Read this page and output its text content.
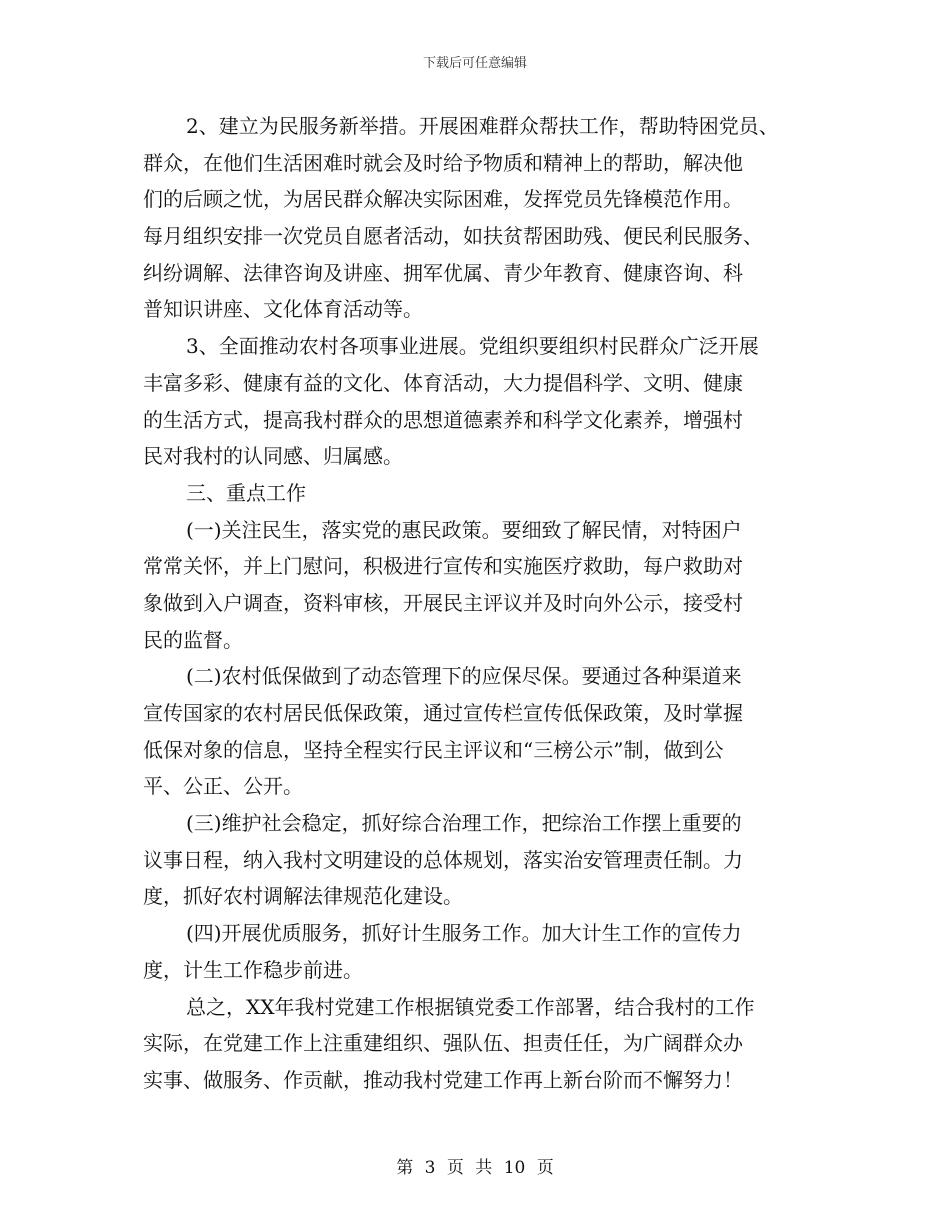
下载后可任意编辑
2、建立为民服务新举措。开展困难群众帮扶工作，帮助特困党员、
群众，在他们生活困难时就会及时给予物质和精神上的帮助，解决他
们的后顾之忧，为居民群众解决实际困难，发挥党员先锋模范作用。
每月组织安排一次党员自愿者活动，如扶贫帮困助残、便民利民服务、
纠纷调解、法律咨询及讲座、拥军优属、青少年教育、健康咨询、科
普知识讲座、文化体育活动等。
3、全面推动农村各项事业进展。党组织要组织村民群众广泛开展
丰富多彩、健康有益的文化、体育活动，大力提倡科学、文明、健康
的生活方式，提高我村群众的思想道德素养和科学文化素养，增强村
民对我村的认同感、归属感。
三、重点工作
(一)关注民生，落实党的惠民政策。要细致了解民情，对特困户
常常关怀，并上门慰问，积极进行宣传和实施医疗救助，每户救助对
象做到入户调查，资料审核，开展民主评议并及时向外公示，接受村
民的监督。
(二)农村低保做到了动态管理下的应保尽保。要通过各种渠道来
宣传国家的农村居民低保政策，通过宣传栏宣传低保政策，及时掌握
低保对象的信息，坚持全程实行民主评议和“三榜公示”制，做到公
平、公正、公开。
(三)维护社会稳定，抓好综合治理工作，把综治工作摆上重要的
议事日程，纳入我村文明建设的总体规划，落实治安管理责任制。力
度，抓好农村调解法律规范化建设。
(四)开展优质服务，抓好计生服务工作。加大计生工作的宣传力
度，计生工作稳步前进。
总之，XX年我村党建工作根据镇党委工作部署，结合我村的工作
实际，在党建工作上注重建组织、强队伍、担责任任，为广阔群众办
实事、做服务、作贡献，推动我村党建工作再上新台阶而不懈努力！
第 3 页 共 10 页
